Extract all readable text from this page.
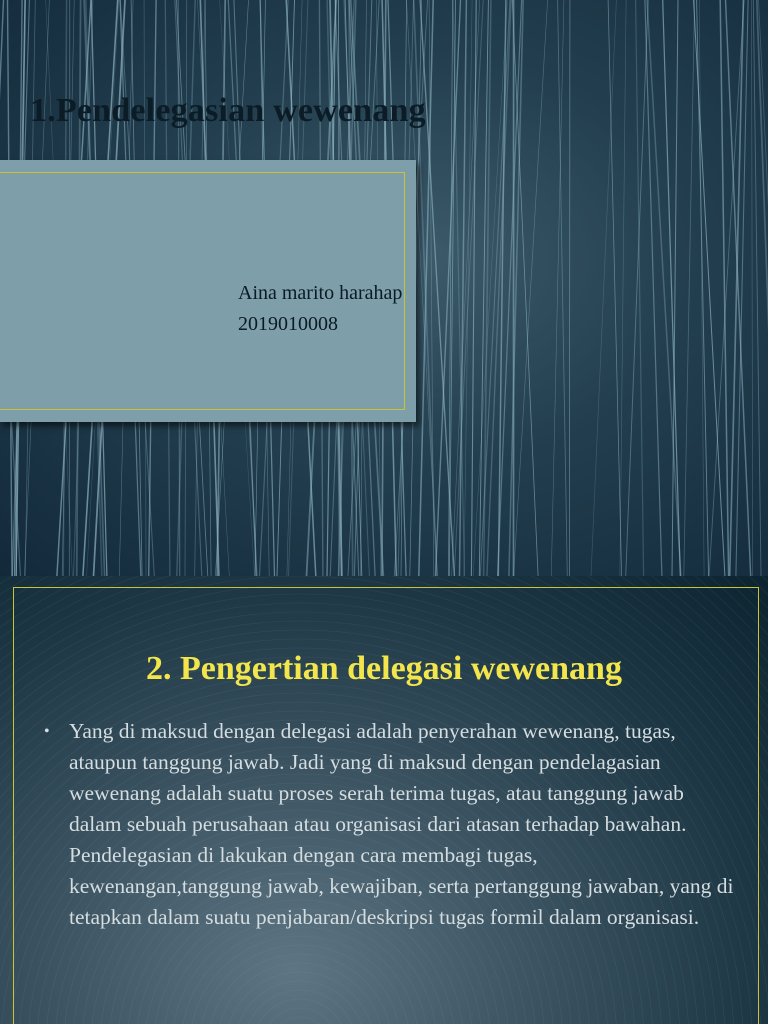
1.Pendelegasian wewenang
Aina marito harahap
2019010008
2. Pengertian delegasi wewenang
• Yang di maksud dengan delegasi adalah penyerahan wewenang, tugas, ataupun tanggung jawab. Jadi yang di maksud dengan pendelagasian wewenang adalah suatu proses serah terima tugas, atau tanggung jawab dalam sebuah perusahaan atau organisasi dari atasan terhadap bawahan. Pendelegasian di lakukan dengan cara membagi tugas, kewenangan,tanggung jawab, kewajiban, serta pertanggung jawaban, yang di tetapkan dalam suatu penjabaran/deskripsi tugas formil dalam organisasi.
